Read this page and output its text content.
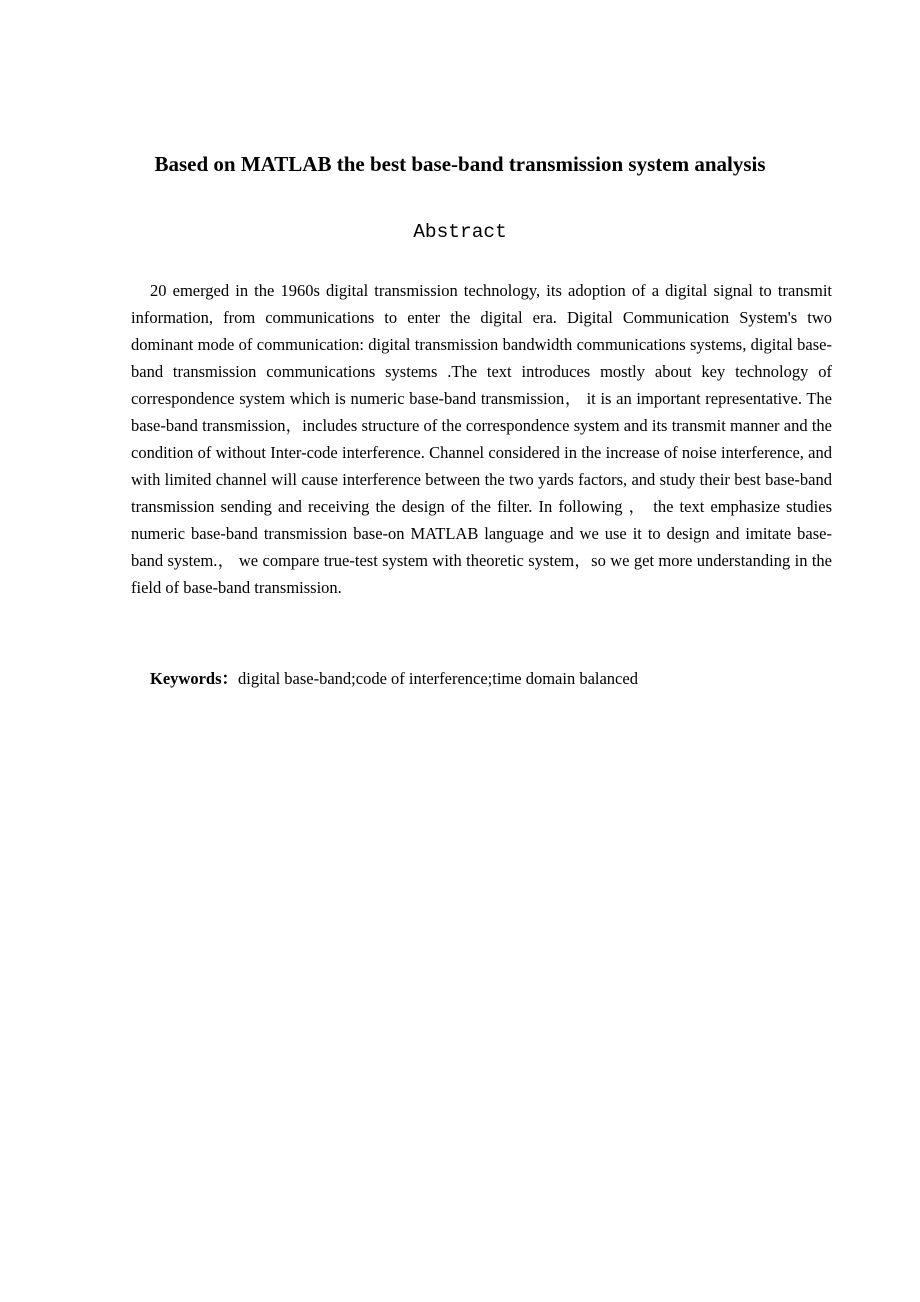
Based on MATLAB the best base-band transmission system analysis
Abstract

20 emerged in the 1960s digital transmission technology, its adoption of a digital signal to transmit information, from communications to enter the digital era. Digital Communication System's two dominant mode of communication: digital transmission bandwidth communications systems, digital base-band transmission communications systems .The text introduces mostly about key technology of correspondence system which is numeric base-band transmission， it is an important representative. The base-band transmission，includes structure of the correspondence system and its transmit manner and the condition of without Inter-code interference. Channel considered in the increase of noise interference, and with limited channel will cause interference between the two yards factors, and study their best base-band transmission sending and receiving the design of the filter. In following ， the text emphasize studies numeric base-band transmission base-on MATLAB language and we use it to design and imitate base-band system.， we compare true-test system with theoretic system，so we get more understanding in the field of base-band transmission.

Keywords：digital base-band;code of interference;time domain balanced
